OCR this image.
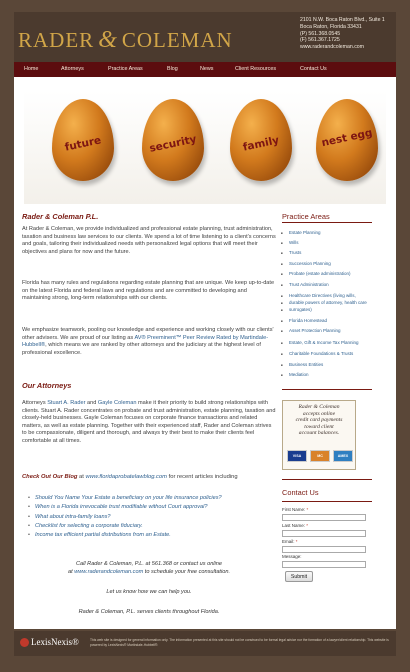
RADER & COLEMAN
2101 N.W. Boca Raton Blvd., Suite 1
Boca Raton, Florida 33431
(P) 561.368.0545
(F) 561.367.1725
www.raderandcoleman.com
Home	Attorneys	Practice Areas	Blog	News	Client Resources	Contact Us
future	security	family	nest egg
Rader & Coleman P.L.
At Rader & Coleman, we provide individualized and professional estate planning, trust administration, taxation and business law services to our clients. We spend a lot of time listening to a client's concerns and goals, tailoring their individualized needs with personalized legal options that will meet their objectives and plans for now and the future.
Florida has many rules and regulations regarding estate planning that are unique. We keep up-to-date on the latest Florida and federal laws and regulations and are committed to developing and maintaining strong, long-term relationships with our clients.
We emphasize teamwork, pooling our knowledge and experience and working closely with our clients' other advisers. We are proud of our listing as AV® Preeminent™ Peer Review Rated by Martindale-Hubbell®, which means we are ranked by other attorneys and the judiciary at the highest level of professional excellence.
Our Attorneys
Attorneys Stuart A. Rader and Gayle Coleman make it their priority to build strong relationships with clients. Stuart A. Rader concentrates on probate and trust administration, estate planning, taxation and closely-held businesses. Gayle Coleman focuses on corporate finance transactions and related matters, as well as estate planning. Together with their experienced staff, Rader and Coleman strives to be compassionate, diligent and thorough, and always try their best to make their clients feel comfortable at all times.
Check Out Our Blog at www.floridaprobatelawblog.com for recent articles including
• Should You Name Your Estate a beneficiary on your life insurance policies?
• When is a Florida irrevocable trust modifiable without Court approval?
• What about intra-family loans?
• Checklist for selecting a corporate fiduciary.
• Income tax efficient partial distributions from an Estate.
Call Rader & Coleman, P.L. at 561.368 or contact us online
at www.raderandcoleman.com to schedule your free consultation.
Let us know how we can help you.
Rader & Coleman, P.L. serves clients throughout Florida.
Practice Areas
■ Estate Planning
■ Wills
■ Trusts
■ Succession Planning
■ Probate (estate administration)
■ Trust Administration
■ Healthcare Directives (living wills,
■ durable powers of attorney, health care
■ surrogates)
■ Florida Homestead
■ Asset Protection Planning
■ Estate, Gift & Income Tax Planning
■ Charitable Foundations & Trusts
■ Business Entities
■ Mediation
Rader & Coleman
accepts online
credit card payments
toward client
account balances.
VISA	MC	AMEX
Contact Us
First Name: *
Last Name: *
Email: *
Message:
Submit
LexisNexis®	This web site is designed for general information only. The information presented at this site should not be construed to be formal legal advice nor the formation of a lawyer/client relationship. This website is powered by LexisNexis® Martindale-Hubbell®.
